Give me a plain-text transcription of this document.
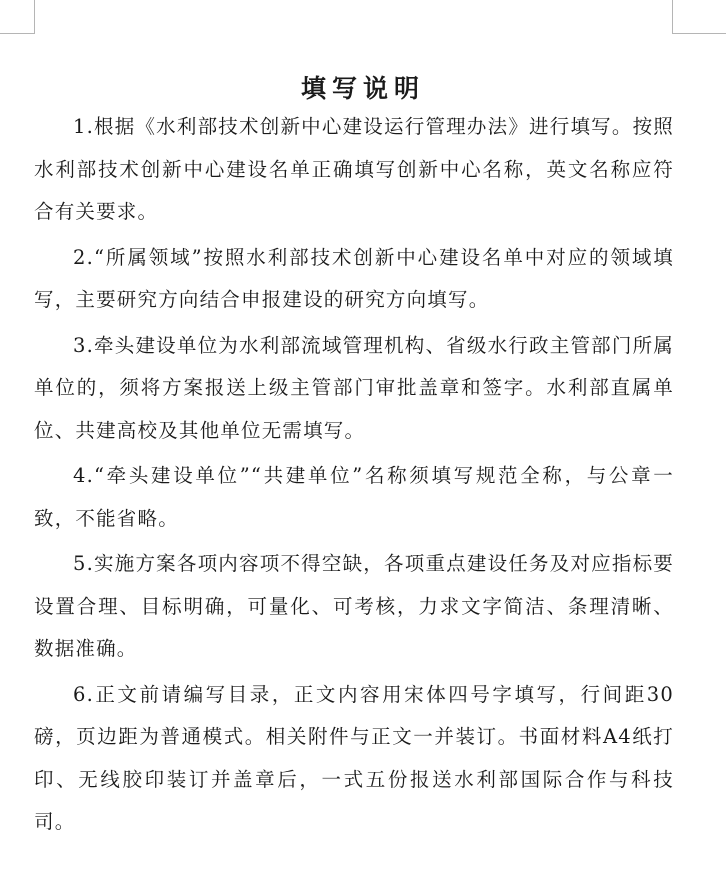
填写说明

1.根据《水利部技术创新中心建设运行管理办法》进行填写。按照水利部技术创新中心建设名单正确填写创新中心名称，英文名称应符合有关要求。

2.“所属领域”按照水利部技术创新中心建设名单中对应的领域填写，主要研究方向结合申报建设的研究方向填写。

3.牵头建设单位为水利部流域管理机构、省级水行政主管部门所属单位的，须将方案报送上级主管部门审批盖章和签字。水利部直属单位、共建高校及其他单位无需填写。

4.“牵头建设单位”“共建单位”名称须填写规范全称，与公章一致，不能省略。

5.实施方案各项内容项不得空缺，各项重点建设任务及对应指标要设置合理、目标明确，可量化、可考核，力求文字简洁、条理清晰、数据准确。

6.正文前请编写目录，正文内容用宋体四号字填写，行间距30磅，页边距为普通模式。相关附件与正文一并装订。书面材料A4纸打印、无线胶印装订并盖章后，一式五份报送水利部国际合作与科技司。
